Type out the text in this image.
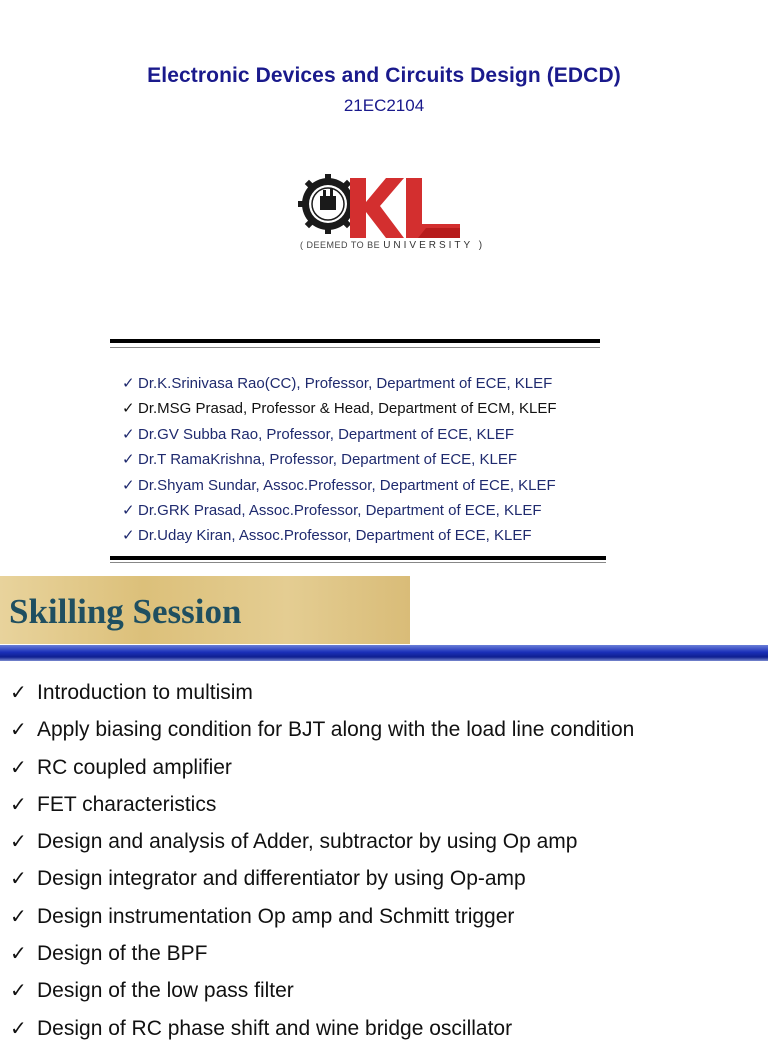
Electronic Devices and Circuits Design (EDCD)
21EC2104
( DEEMED TO BE UNIVERSITY )
✓ Dr.K.Srinivasa Rao(CC), Professor, Department of ECE, KLEF
✓ Dr.MSG Prasad, Professor & Head, Department of ECM, KLEF
✓ Dr.GV Subba Rao, Professor, Department of ECE, KLEF
✓ Dr.T RamaKrishna, Professor, Department of ECE, KLEF
✓ Dr.Shyam Sundar, Assoc.Professor, Department of ECE, KLEF
✓ Dr.GRK Prasad, Assoc.Professor, Department of ECE, KLEF
✓ Dr.Uday Kiran, Assoc.Professor, Department of ECE, KLEF
Skilling Session
✓ Introduction to multisim
✓ Apply biasing condition for BJT along with the load line condition
✓ RC coupled amplifier
✓ FET characteristics
✓ Design and analysis of Adder, subtractor by using Op amp
✓ Design integrator and differentiator by using Op-amp
✓ Design instrumentation Op amp and Schmitt trigger
✓ Design of the BPF
✓ Design of the low pass filter
✓ Design of RC phase shift and wine bridge oscillator
